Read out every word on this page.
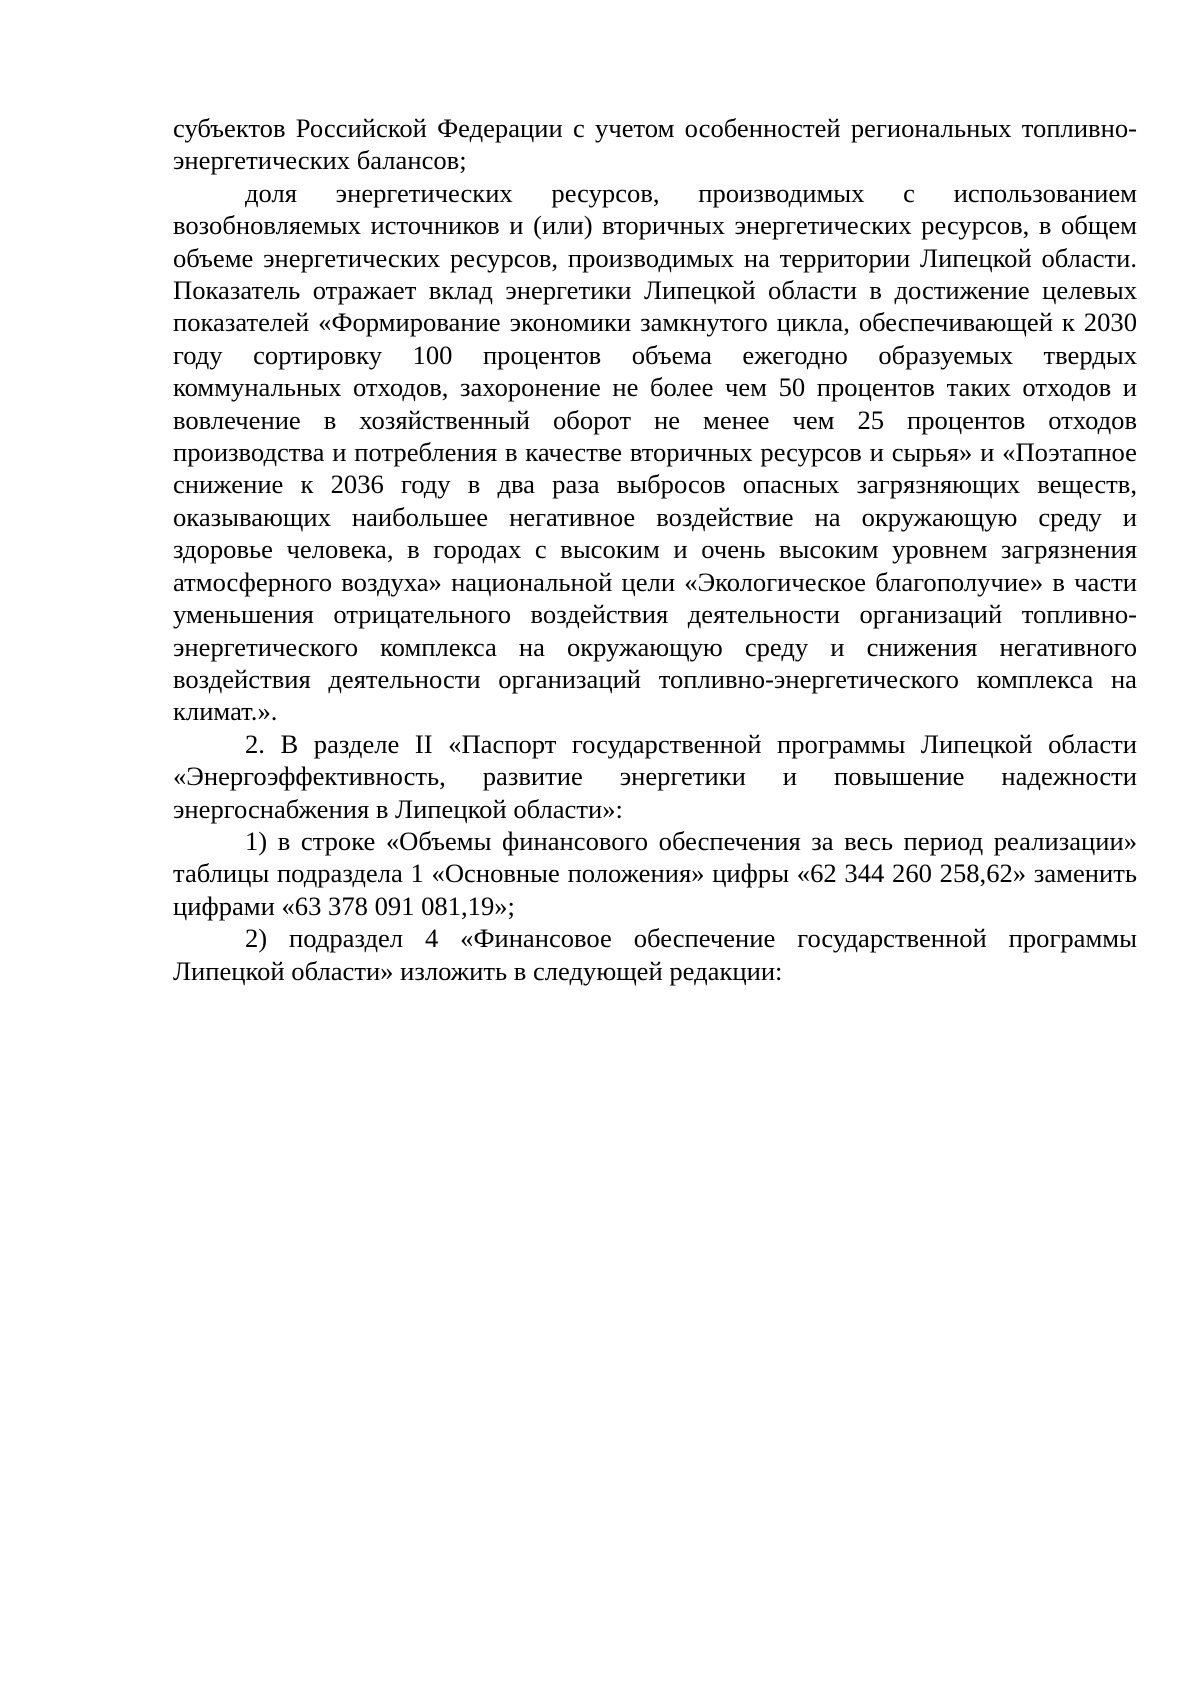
субъектов Российской Федерации с учетом особенностей региональных топливно-энергетических балансов;

доля энергетических ресурсов, производимых с использованием возобновляемых источников и (или) вторичных энергетических ресурсов, в общем объеме энергетических ресурсов, производимых на территории Липецкой области. Показатель отражает вклад энергетики Липецкой области в достижение целевых показателей «Формирование экономики замкнутого цикла, обеспечивающей к 2030 году сортировку 100 процентов объема ежегодно образуемых твердых коммунальных отходов, захоронение не более чем 50 процентов таких отходов и вовлечение в хозяйственный оборот не менее чем 25 процентов отходов производства и потребления в качестве вторичных ресурсов и сырья» и «Поэтапное снижение к 2036 году в два раза выбросов опасных загрязняющих веществ, оказывающих наибольшее негативное воздействие на окружающую среду и здоровье человека, в городах с высоким и очень высоким уровнем загрязнения атмосферного воздуха» национальной цели «Экологическое благополучие» в части уменьшения отрицательного воздействия деятельности организаций топливно-энергетического комплекса на окружающую среду и снижения негативного воздействия деятельности организаций топливно-энергетического комплекса на климат.».

2. В разделе II «Паспорт государственной программы Липецкой области «Энергоэффективность, развитие энергетики и повышение надежности энергоснабжения в Липецкой области»:

1) в строке «Объемы финансового обеспечения за весь период реализации» таблицы подраздела 1 «Основные положения» цифры «62 344 260 258,62» заменить цифрами «63 378 091 081,19»;

2) подраздел 4 «Финансовое обеспечение государственной программы Липецкой области» изложить в следующей редакции:
